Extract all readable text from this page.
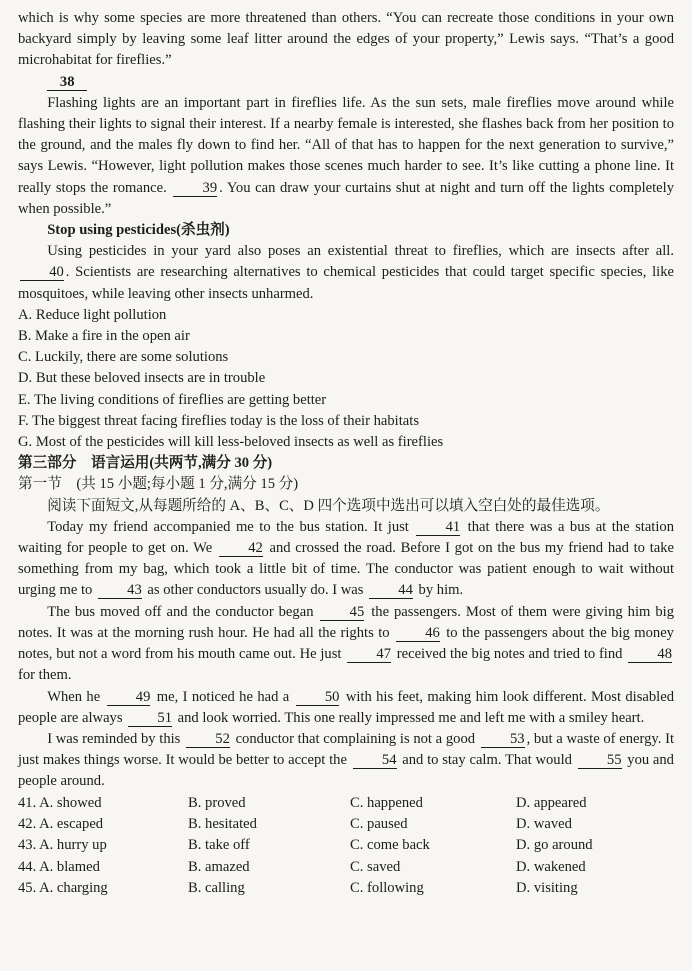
which is why some species are more threatened than others. “You can recreate those conditions in your own backyard simply by leaving some leaf litter around the edges of your property,” Lewis says. “That’s a good microhabitat for fireflies.”

38

Flashing lights are an important part in fireflies life. As the sun sets, male fireflies move around while flashing their lights to signal their interest. If a nearby female is interested, she flashes back from her position to the ground, and the males fly down to find her. “All of that has to happen for the next generation to survive,” says Lewis. “However, light pollution makes those scenes much harder to see. It’s like cutting a phone line. It really stops the romance. 39 . You can draw your curtains shut at night and turn off the lights completely when possible.”

Stop using pesticides(杀虫剂)

Using pesticides in your yard also poses an existential threat to fireflies, which are insects after all. 40 . Scientists are researching alternatives to chemical pesticides that could target specific species, like mosquitoes, while leaving other insects unharmed.

A. Reduce light pollution

B. Make a fire in the open air

C. Luckily, there are some solutions

D. But these beloved insects are in trouble

E. The living conditions of fireflies are getting better

F. The biggest threat facing fireflies today is the loss of their habitats

G. Most of the pesticides will kill less-beloved insects as well as fireflies

第三部分　语言运用(共两节,满分 30 分)

第一节　(共 15 小题;每小题 1 分,满分 15 分)

阅读下面短文,从每题所给的 A、B、C、D 四个选项中选出可以填入空白处的最佳选项。

Today my friend accompanied me to the bus station. It just	41 that there was a bus at the station waiting for people to get on. We 42 and crossed the road. Before I got on the bus my friend had to take something from my bag, which took a little bit of time. The conductor was patient enough to wait without urging me to 43 as other conductors usually do. I was 44 by him.

The bus moved off and the conductor began 45 the passengers. Most of them were giving him big notes. It was at the morning rush hour. He had all the rights to 46 to the passengers about the big money notes, but not a word from his mouth came out. He just 47 received the big notes and tried to find 48 for them.

When he 49 me, I noticed he had a 50 with his feet, making him look different. Most disabled people are always 51 and look worried. This one really impressed me and left me with a smiley heart.

I was reminded by this 52 conductor that complaining is not a good 53 , but a waste of energy. It just makes things worse. It would be better to accept the 54 and to stay calm. That would 55 you and people around.

41. A. showed	B. proved	C. happened	D. appeared
42. A. escaped	B. hesitated	C. paused	D. waved
43. A. hurry up	B. take off	C. come back	D. go around
44. A. blamed	B. amazed	C. saved	D. wakened
45. A. charging	B. calling	C. following	D. visiting
